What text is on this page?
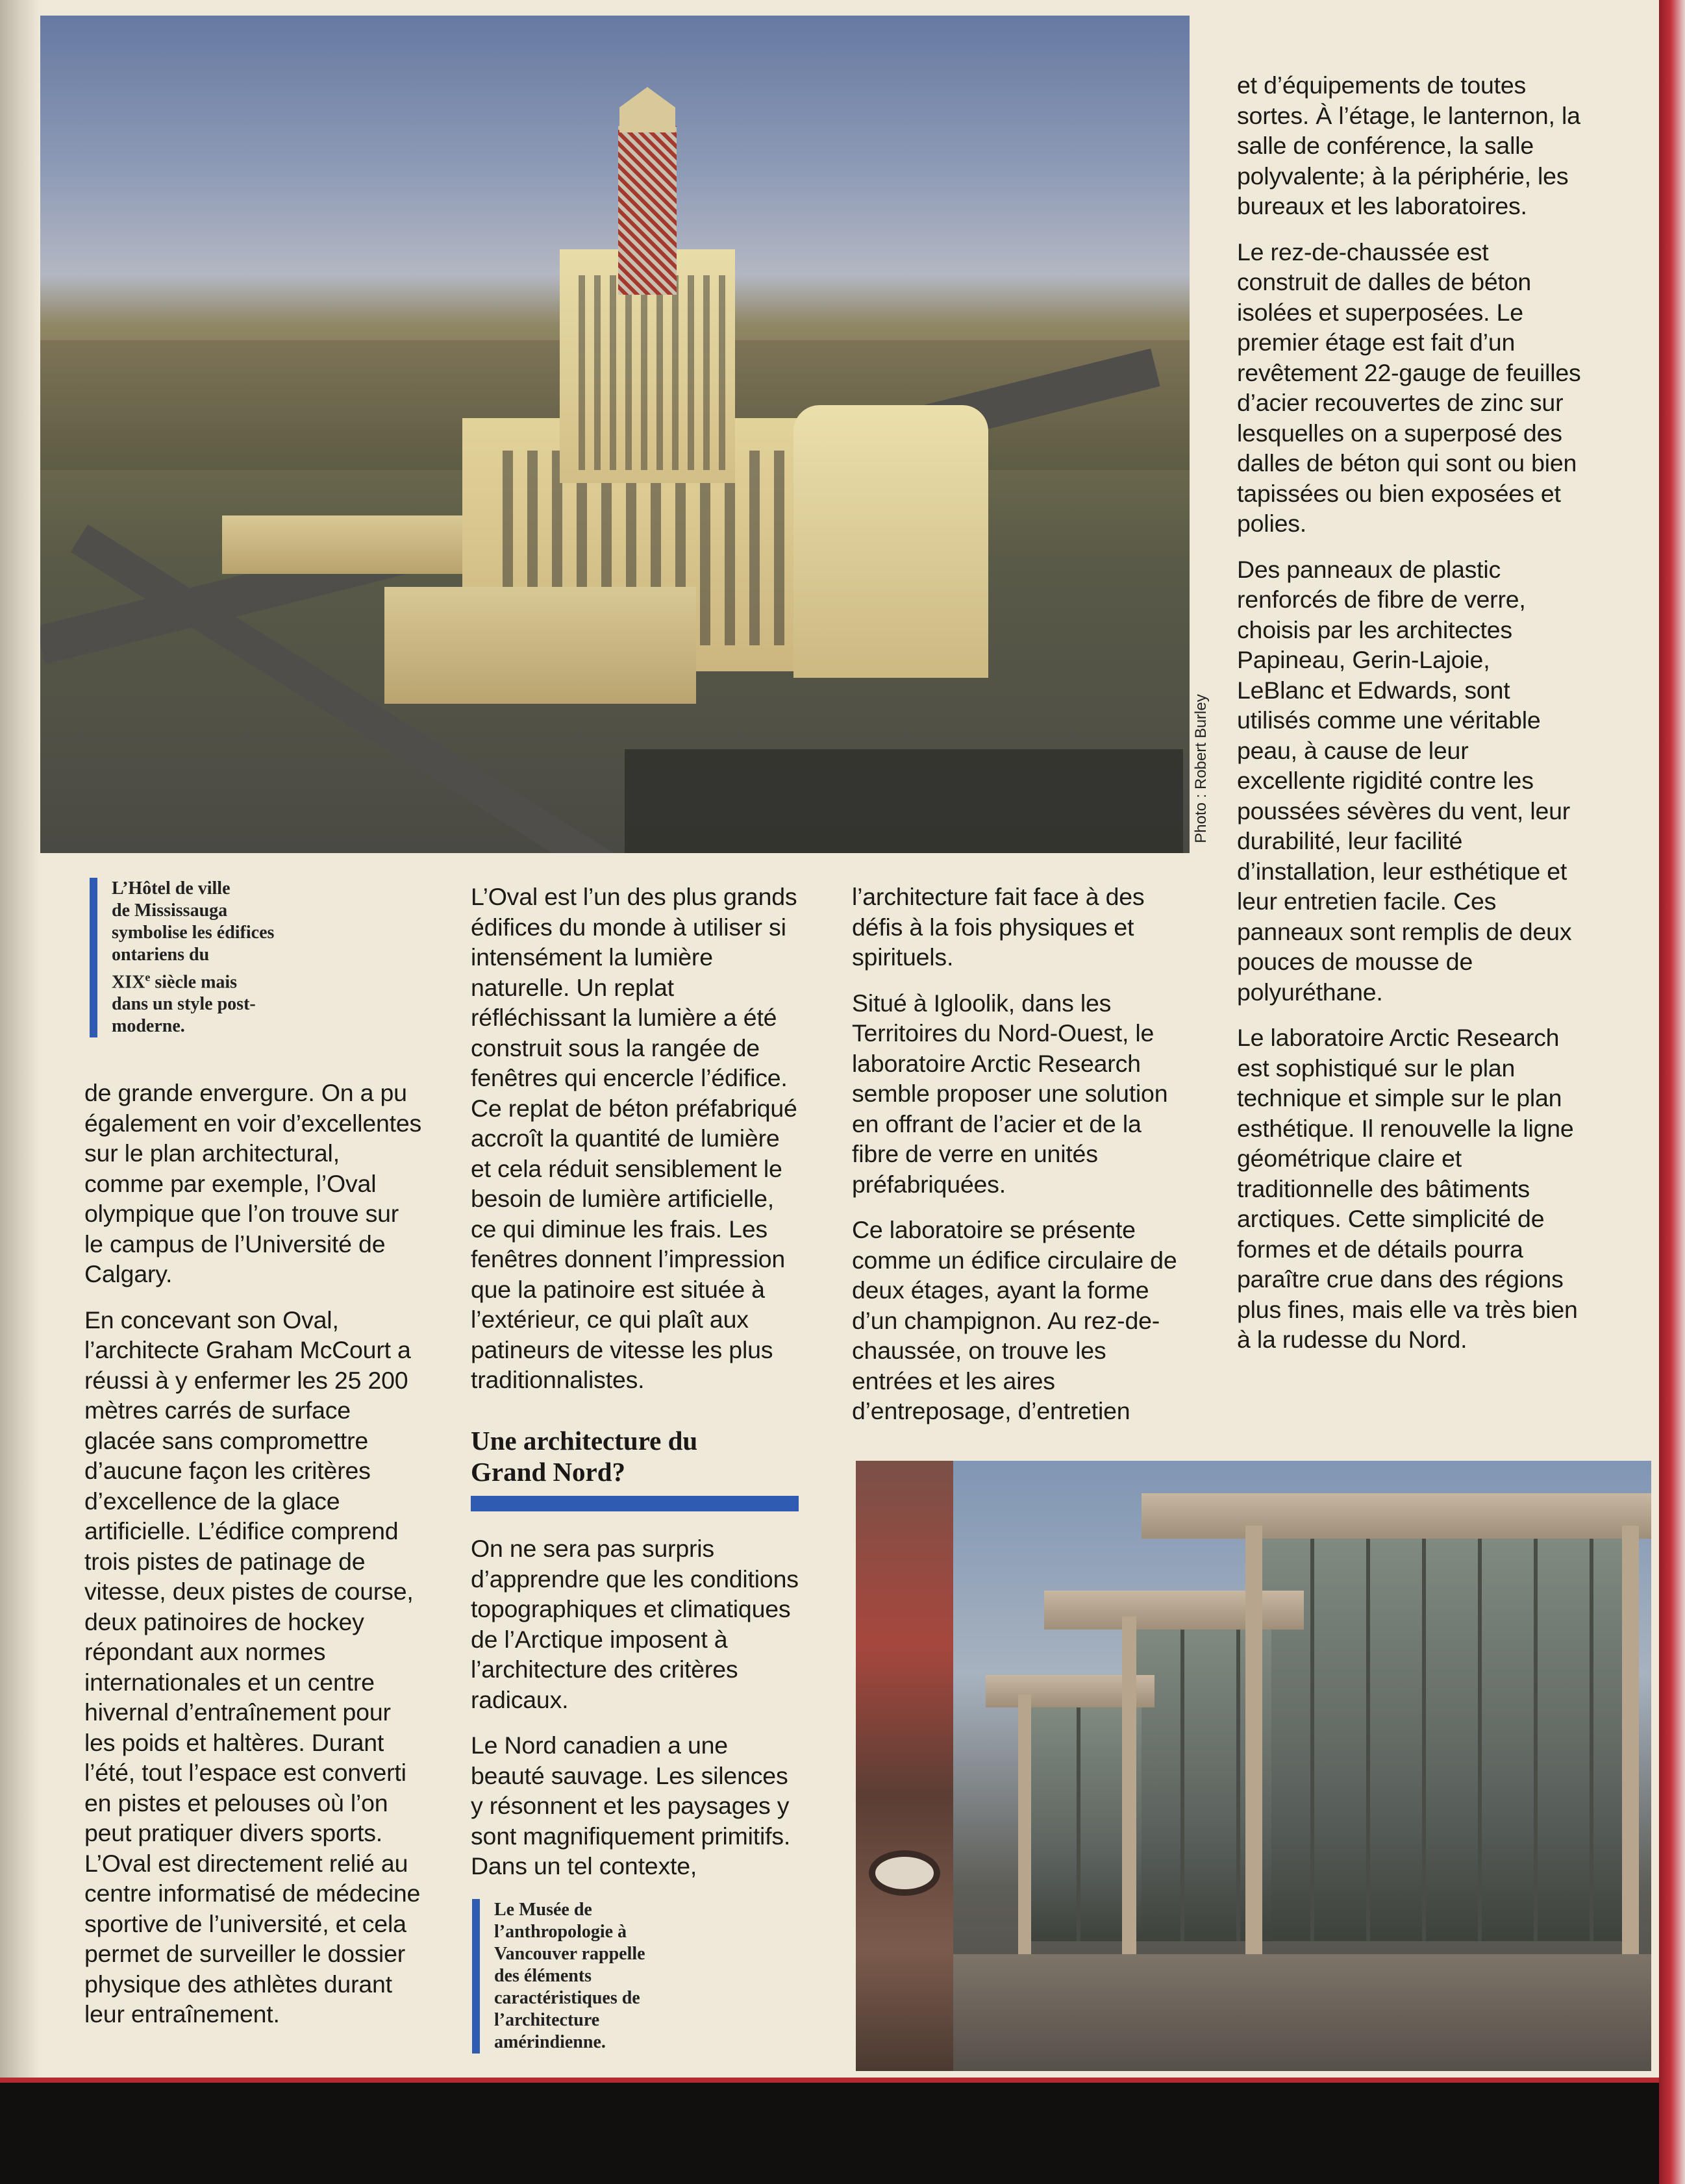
Photo : Robert Burley
L’Hôtel de ville
de Mississauga
symbolise les édifices
ontariens du
XIXe siècle mais
dans un style post-
moderne.

de grande envergure. On a pu également en voir d’excellentes sur le plan architectural, comme par exemple, l’Oval olympique que l’on trouve sur le campus de l’Université de Calgary.

En concevant son Oval, l’architecte Graham McCourt a réussi à y enfermer les 25 200 mètres carrés de surface glacée sans compromettre d’aucune façon les critères d’excellence de la glace artificielle. L’édifice comprend trois pistes de patinage de vitesse, deux pistes de course, deux patinoires de hockey répondant aux normes internationales et un centre hivernal d’entraînement pour les poids et haltères. Durant l’été, tout l’espace est converti en pistes et pelouses où l’on peut pratiquer divers sports. L’Oval est directement relié au centre informatisé de médecine sportive de l’université, et cela permet de surveiller le dossier physique des athlètes durant leur entraînement.

L’Oval est l’un des plus grands édifices du monde à utiliser si intensément la lumière naturelle. Un replat réfléchissant la lumière a été construit sous la rangée de fenêtres qui encercle l’édifice. Ce replat de béton préfabriqué accroît la quantité de lumière et cela réduit sensiblement le besoin de lumière artificielle, ce qui diminue les frais. Les fenêtres donnent l’impression que la patinoire est située à l’extérieur, ce qui plaît aux patineurs de vitesse les plus traditionnalistes.

Une architecture du
Grand Nord?

On ne sera pas surpris d’apprendre que les conditions topographiques et climatiques de l’Arctique imposent à l’architecture des critères radicaux.

Le Nord canadien a une beauté sauvage. Les silences y résonnent et les paysages y sont magnifiquement primitifs. Dans un tel contexte,

Le Musée de
l’anthropologie à
Vancouver rappelle
des éléments
caractéristiques de
l’architecture
amérindienne.

l’architecture fait face à des défis à la fois physiques et spirituels.

Situé à Igloolik, dans les Territoires du Nord-Ouest, le laboratoire Arctic Research semble proposer une solution en offrant de l’acier et de la fibre de verre en unités préfabriquées.

Ce laboratoire se présente comme un édifice circulaire de deux étages, ayant la forme d’un champignon. Au rez-de-chaussée, on trouve les entrées et les aires d’entreposage, d’entretien

et d’équipements de toutes sortes. À l’étage, le lanternon, la salle de conférence, la salle polyvalente; à la périphérie, les bureaux et les laboratoires.

Le rez-de-chaussée est construit de dalles de béton isolées et superposées. Le premier étage est fait d’un revêtement 22-gauge de feuilles d’acier recouvertes de zinc sur lesquelles on a superposé des dalles de béton qui sont ou bien tapissées ou bien exposées et polies.

Des panneaux de plastic renforcés de fibre de verre, choisis par les architectes Papineau, Gerin-Lajoie, LeBlanc et Edwards, sont utilisés comme une véritable peau, à cause de leur excellente rigidité contre les poussées sévères du vent, leur durabilité, leur facilité d’installation, leur esthétique et leur entretien facile. Ces panneaux sont remplis de deux pouces de mousse de polyuréthane.

Le laboratoire Arctic Research est sophistiqué sur le plan technique et simple sur le plan esthétique. Il renouvelle la ligne géométrique claire et traditionnelle des bâtiments arctiques. Cette simplicité de formes et de détails pourra paraître crue dans des régions plus fines, mais elle va très bien à la rudesse du Nord.
